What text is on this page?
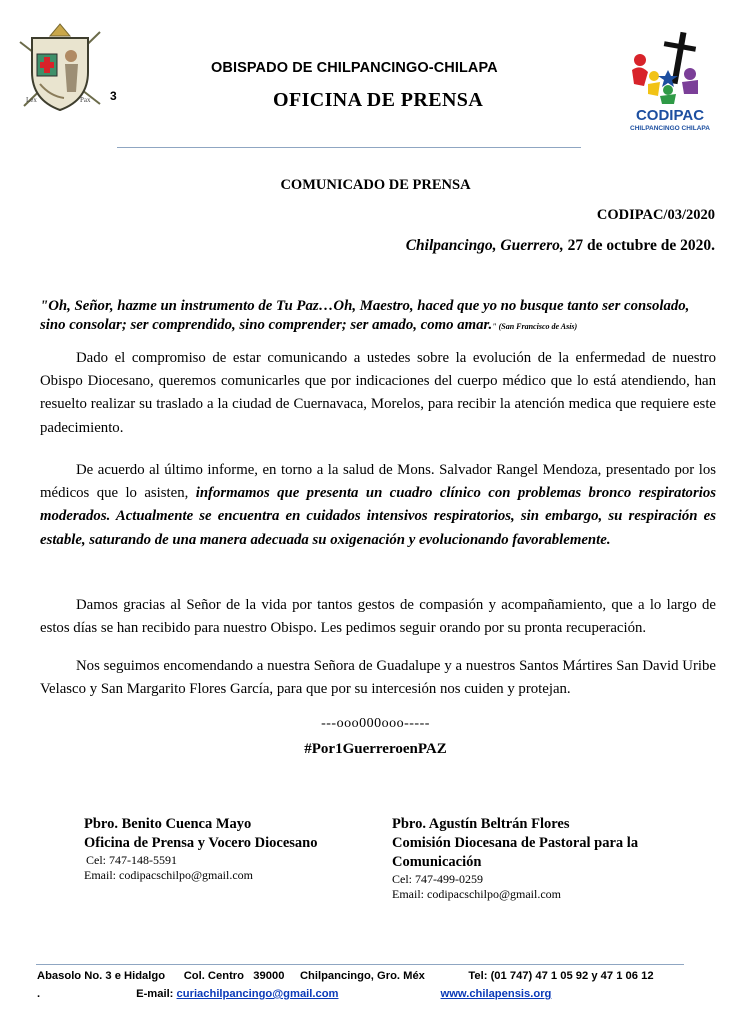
Lex	Pax 3
OBISPADO DE CHILPANCINGO-CHILAPA
OFICINA DE PRENSA
CODIPAC
CHILPANCINGO CHILAPA
COMUNICADO DE PRENSA
CODIPAC/03/2020
Chilpancingo, Guerrero, 27 de octubre de 2020.
"Oh, Señor, hazme un instrumento de Tu Paz…Oh, Maestro, haced que yo no busque tanto ser consolado, sino consolar; ser comprendido, sino comprender; ser amado, como amar." (San Francisco de Asís)
Dado el compromiso de estar comunicando a ustedes sobre la evolución de la enfermedad de nuestro Obispo Diocesano, queremos comunicarles que por indicaciones del cuerpo médico que lo está atendiendo, han resuelto realizar su traslado a la ciudad de Cuernavaca, Morelos, para recibir la atención medica que requiere este padecimiento.
De acuerdo al último informe, en torno a la salud de Mons. Salvador Rangel Mendoza, presentado por los médicos que lo asisten, informamos que presenta un cuadro clínico con problemas bronco respiratorios moderados. Actualmente se encuentra en cuidados intensivos respiratorios, sin embargo, su respiración es estable, saturando de una manera adecuada su oxigenación y evolucionando favorablemente.
Damos gracias al Señor de la vida por tantos gestos de compasión y acompañamiento, que a lo largo de estos días se han recibido para nuestro Obispo. Les pedimos seguir orando por su pronta recuperación.
Nos seguimos encomendando a nuestra Señora de Guadalupe y a nuestros Santos Mártires San David Uribe Velasco y San Margarito Flores García, para que por su intercesión nos cuiden y protejan.
---ooo000ooo-----
#Por1GuerreroenPAZ
Pbro. Benito Cuenca Mayo
Oficina de Prensa y Vocero Diocesano
Cel: 747-148-5591
Email: codipacschilpo@gmail.com
Pbro. Agustín Beltrán Flores
Comisión Diocesana de Pastoral para la Comunicación
Cel: 747-499-0259
Email: codipacschilpo@gmail.com
Abasolo No. 3 e Hidalgo      Col. Centro   39000     Chilpancingo, Gro. Méx              Tel: (01 747) 47 1 05 92 y 47 1 06 12
.	E-mail: curiachilpancingo@gmail.com	www.chilapensis.org
